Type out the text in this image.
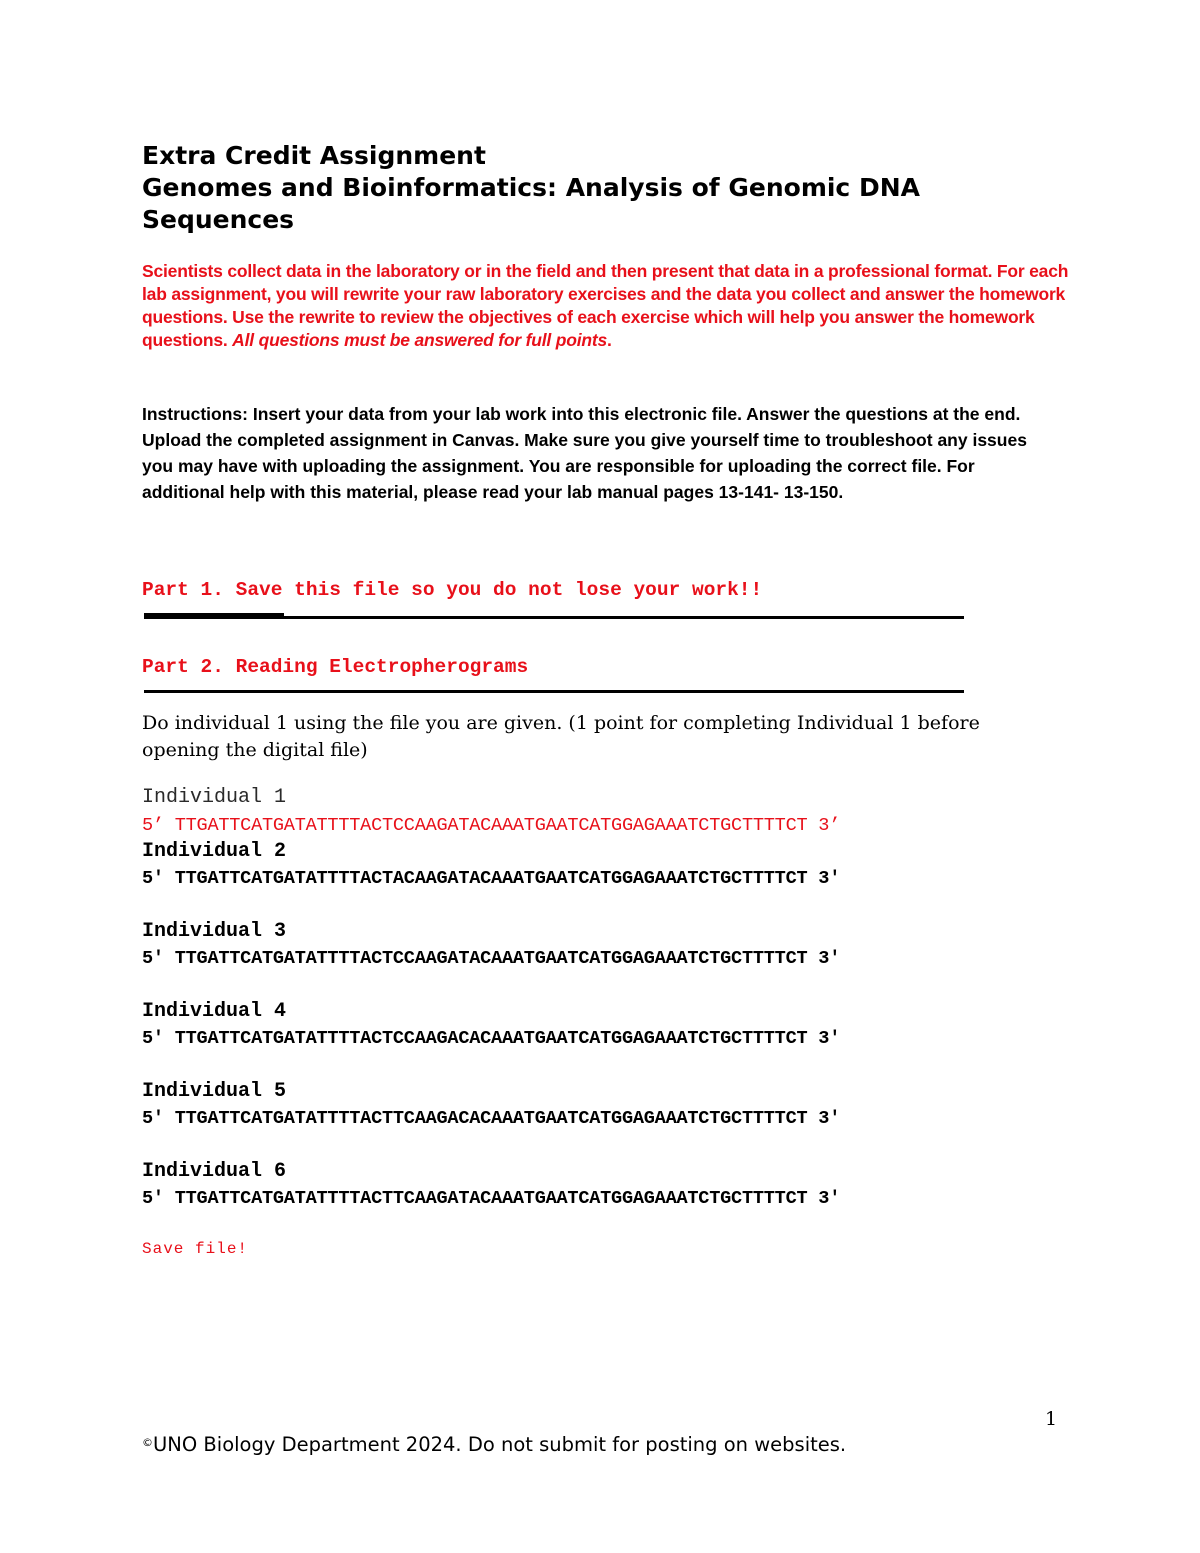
Extra Credit Assignment
Genomes and Bioinformatics: Analysis of Genomic DNA
Sequences

Scientists collect data in the laboratory or in the field and then present that data in a professional format. For each lab assignment, you will rewrite your raw laboratory exercises and the data you collect and answer the homework questions. Use the rewrite to review the objectives of each exercise which will help you answer the homework questions. All questions must be answered for full points.

Instructions: Insert your data from your lab work into this electronic file. Answer the questions at the end. Upload the completed assignment in Canvas. Make sure you give yourself time to troubleshoot any issues you may have with uploading the assignment. You are responsible for uploading the correct file. For additional help with this material, please read your lab manual pages 13-141- 13-150.

Part 1. Save this file so you do not lose your work!!

Part 2. Reading Electropherograms

Do individual 1 using the file you are given. (1 point for completing Individual 1 before opening the digital file)

Individual 1

5’ TTGATTCATGATATTTTACTCCAAGATACAAATGAATCATGGAGAAATCTGCTTTTCT 3’

Individual 2

5' TTGATTCATGATATTTTACTACAAGATACAAATGAATCATGGAGAAATCTGCTTTTCT 3'

Individual 3

5' TTGATTCATGATATTTTACTCCAAGATACAAATGAATCATGGAGAAATCTGCTTTTCT 3'

Individual 4

5' TTGATTCATGATATTTTACTCCAAGACACAAATGAATCATGGAGAAATCTGCTTTTCT 3'

Individual 5

5' TTGATTCATGATATTTTACTTCAAGACACAAATGAATCATGGAGAAATCTGCTTTTCT 3'

Individual 6

5' TTGATTCATGATATTTTACTTCAAGATACAAATGAATCATGGAGAAATCTGCTTTTCT 3'

Save file!

1

©UNO Biology Department 2024. Do not submit for posting on websites.
